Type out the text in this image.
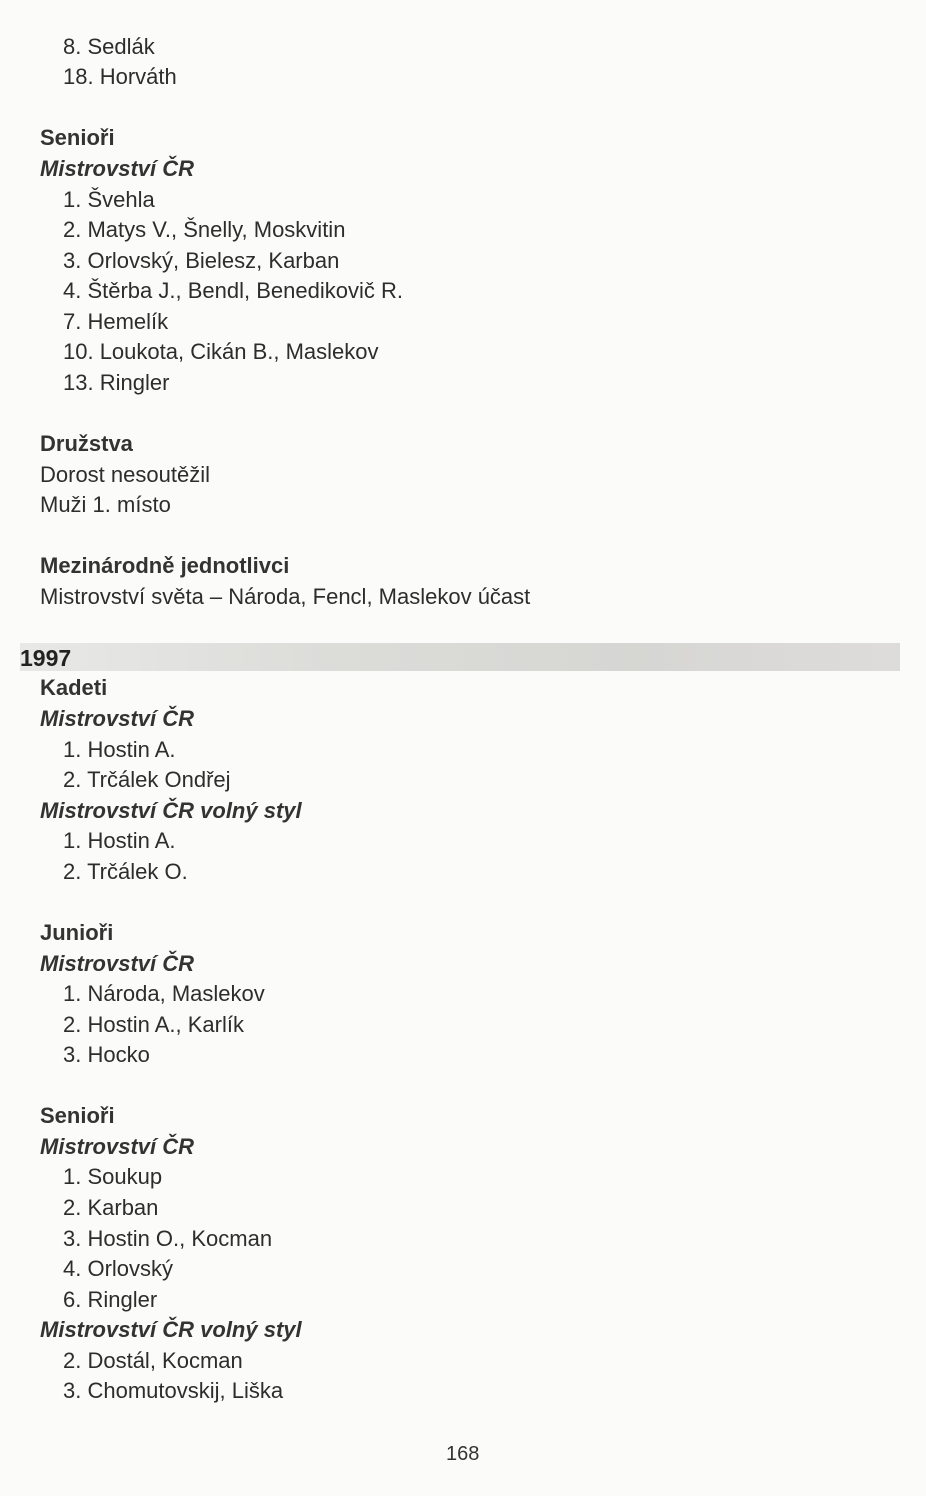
8. Sedlák
18. Horváth
Senioři
Mistrovství ČR
1. Švehla
2. Matys V., Šnelly, Moskvitin
3. Orlovský, Bielesz, Karban
4. Štěrba J., Bendl, Benedikovič R.
7. Hemelík
10. Loukota, Cikán B., Maslekov
13. Ringler
Družstva
Dorost nesoutěžil
Muži 1. místo
Mezinárodně jednotlivci
Mistrovství světa – Národa, Fencl, Maslekov účast
1997
Kadeti
Mistrovství ČR
1. Hostin A.
2. Trčálek Ondřej
Mistrovství ČR volný styl
1. Hostin A.
2. Trčálek O.
Junioři
Mistrovství ČR
1. Národa, Maslekov
2. Hostin A., Karlík
3. Hocko
Senioři
Mistrovství ČR
1. Soukup
2. Karban
3. Hostin O., Kocman
4. Orlovský
6. Ringler
Mistrovství ČR volný styl
2. Dostál, Kocman
3. Chomutovskij, Liška
168
